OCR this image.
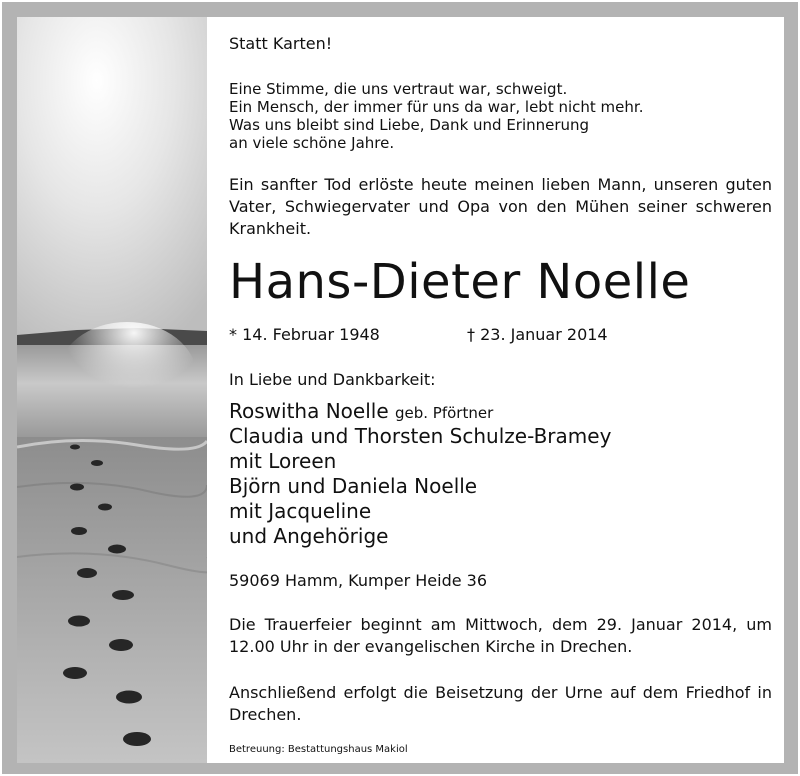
Statt Karten!

Eine Stimme, die uns vertraut war, schweigt.

Ein Mensch, der immer für uns da war, lebt nicht mehr.

Was uns bleibt sind Liebe, Dank und Erinnerung

an viele schöne Jahre.

Ein sanfter Tod erlöste heute meinen lieben Mann, unseren guten Vater, Schwiegervater und Opa von den Mühen seiner schweren Krankheit.

Hans-Dieter Noelle

* 14. Februar 1948	† 23. Januar 2014

In Liebe und Dankbarkeit:

Roswitha Noelle geb. Pförtner

Claudia und Thorsten Schulze-Bramey

mit Loreen

Björn und Daniela Noelle

mit Jacqueline

und Angehörige

59069 Hamm, Kumper Heide 36

Die Trauerfeier beginnt am Mittwoch, dem 29. Januar 2014, um 12.00 Uhr in der evangelischen Kirche in Drechen.

Anschließend erfolgt die Beisetzung der Urne auf dem Friedhof in Drechen.

Betreuung: Bestattungshaus Makiol
